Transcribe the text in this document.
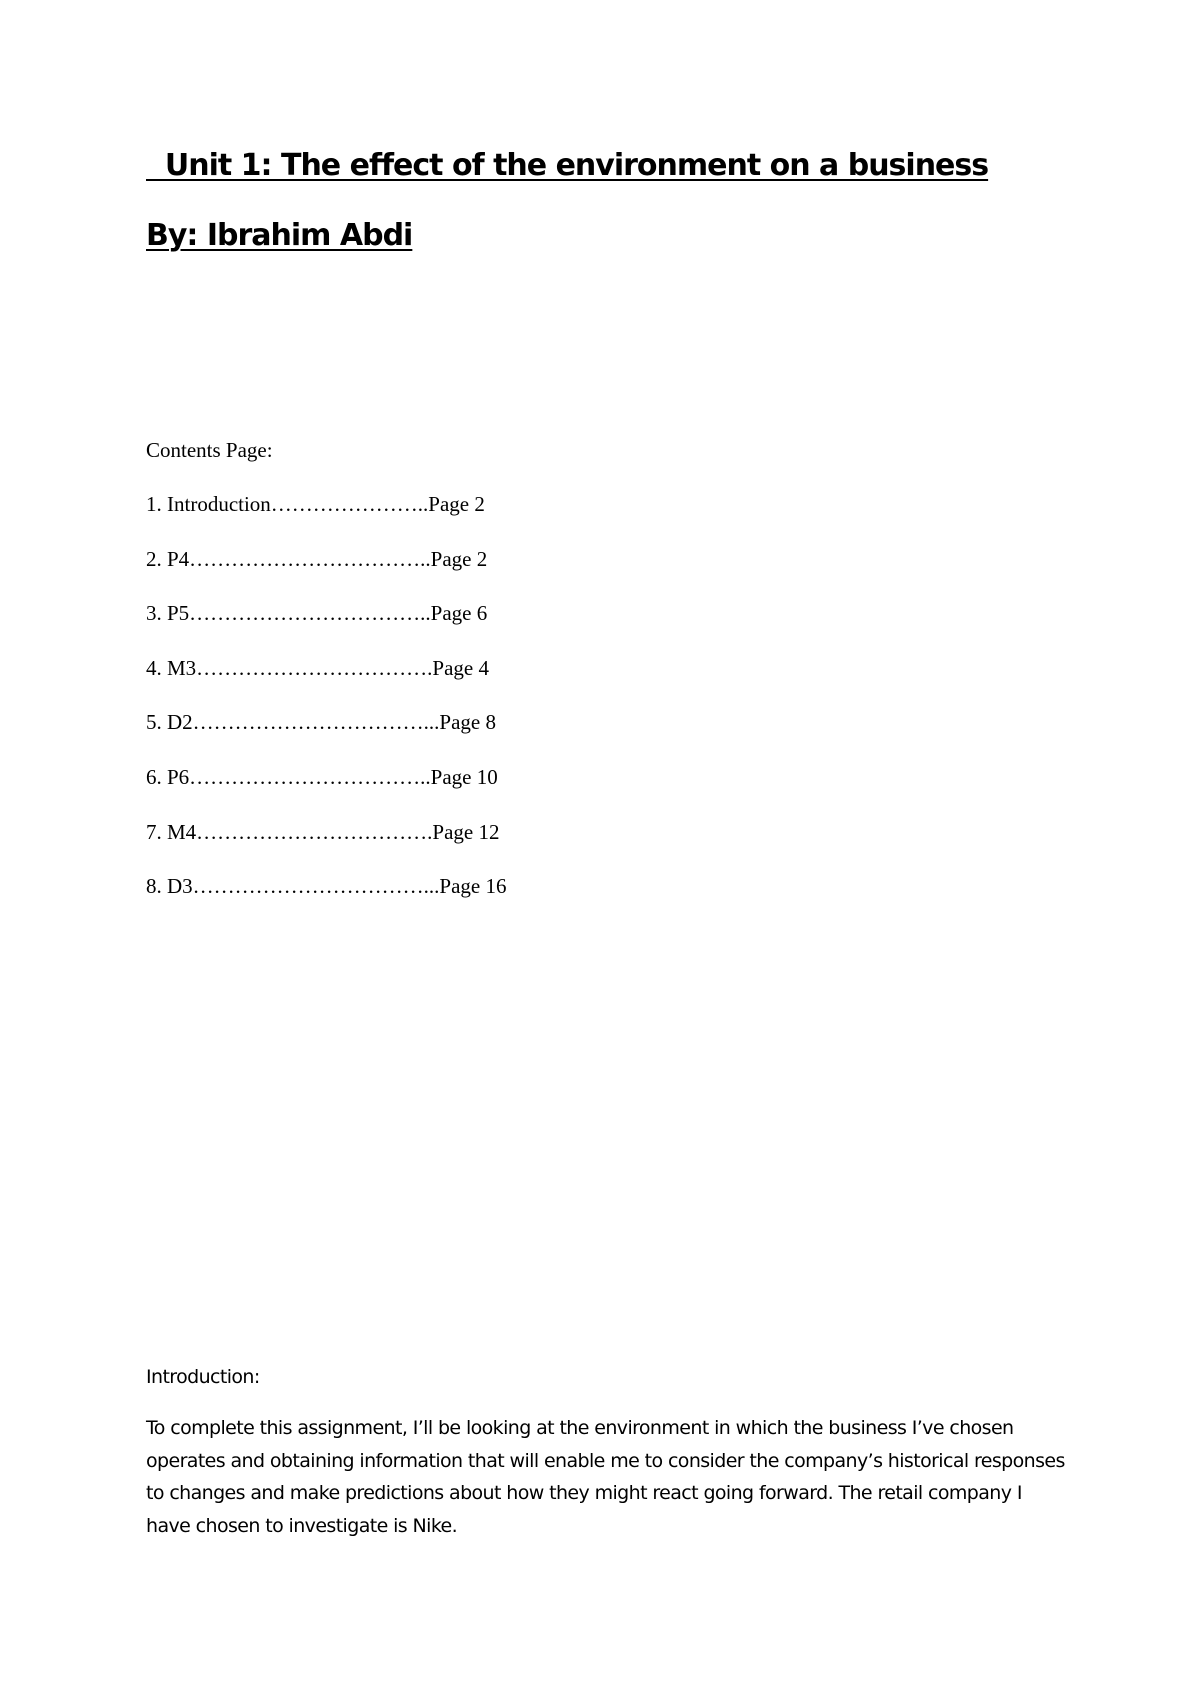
Unit 1: The effect of the environment on a business
By: Ibrahim Abdi

Contents Page:

1. Introduction…………………..Page 2
2. P4……………………………..Page 2
3. P5……………………………..Page 6
4. M3…………………………….Page 4
5. D2……………………………...Page 8
6. P6……………………………..Page 10
7. M4…………………………….Page 12
8. D3……………………………...Page 16

Introduction:

To complete this assignment, I’ll be looking at the environment in which the business I’ve chosen operates and obtaining information that will enable me to consider the company’s historical responses to changes and make predictions about how they might react going forward. The retail company I have chosen to investigate is Nike.
